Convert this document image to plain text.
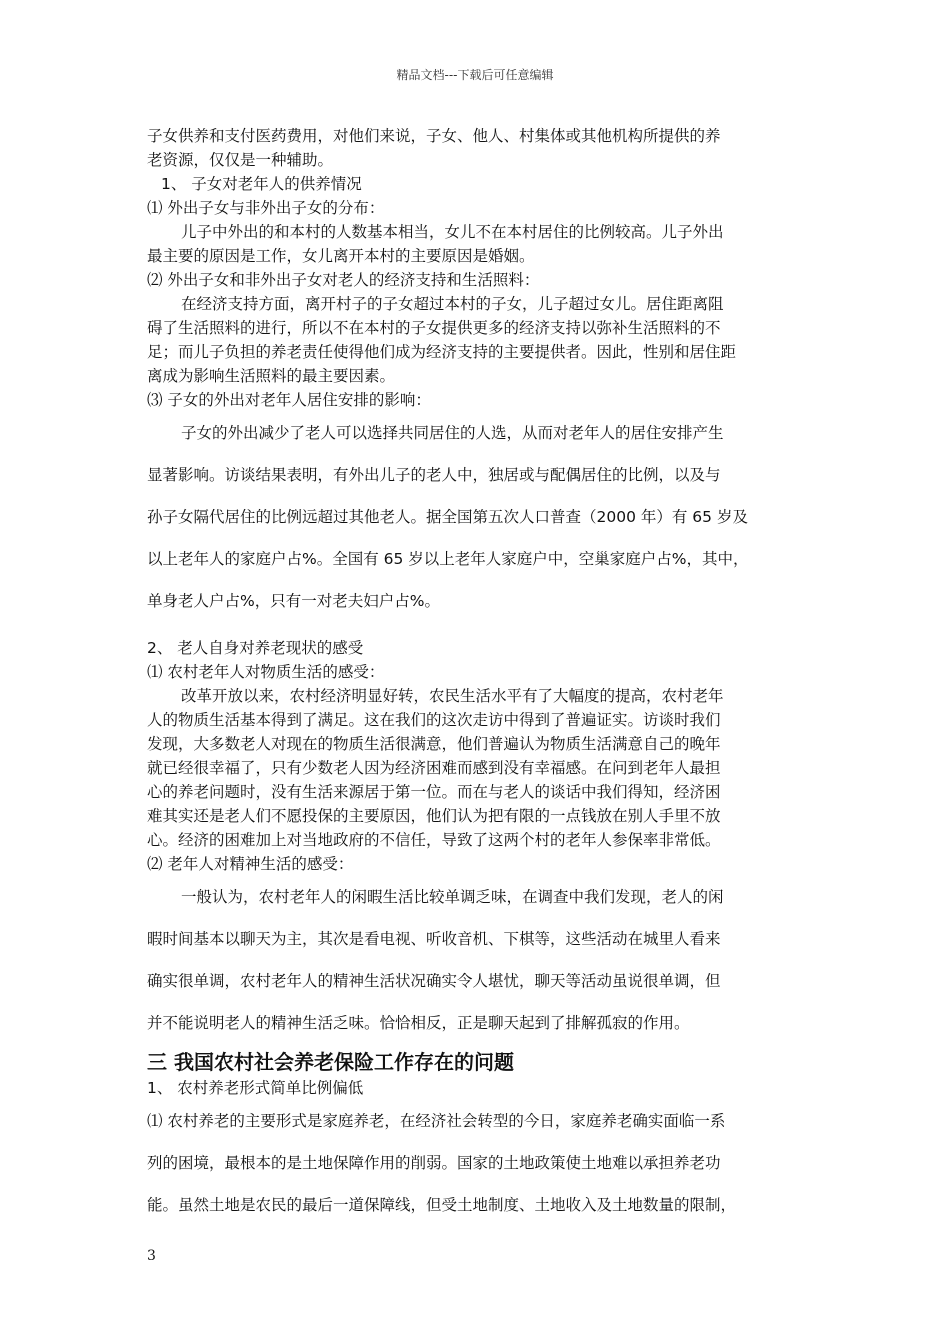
精品文档---下载后可任意编辑

子女供养和支付医药费用，对他们来说，子女、他人、村集体或其他机构所提供的养

老资源，仅仅是一种辅助。

1、 子女对老年人的供养情况

⑴ 外出子女与非外出子女的分布：

儿子中外出的和本村的人数基本相当，女儿不在本村居住的比例较高。儿子外出

最主要的原因是工作，女儿离开本村的主要原因是婚姻。

⑵ 外出子女和非外出子女对老人的经济支持和生活照料：

在经济支持方面，离开村子的子女超过本村的子女，儿子超过女儿。居住距离阻

碍了生活照料的进行，所以不在本村的子女提供更多的经济支持以弥补生活照料的不

足；而儿子负担的养老责任使得他们成为经济支持的主要提供者。因此，性别和居住距

离成为影响生活照料的最主要因素。

⑶ 子女的外出对老年人居住安排的影响：

子女的外出减少了老人可以选择共同居住的人选，从而对老年人的居住安排产生

显著影响。访谈结果表明，有外出儿子的老人中，独居或与配偶居住的比例，以及与

孙子女隔代居住的比例远超过其他老人。据全国第五次人口普查（2000 年）有 65 岁及

以上老年人的家庭户占%。全国有 65 岁以上老年人家庭户中，空巢家庭户占%，其中，

单身老人户占%，只有一对老夫妇户占%。

2、 老人自身对养老现状的感受

⑴ 农村老年人对物质生活的感受：

改革开放以来，农村经济明显好转，农民生活水平有了大幅度的提高，农村老年

人的物质生活基本得到了满足。这在我们的这次走访中得到了普遍证实。访谈时我们

发现，大多数老人对现在的物质生活很满意，他们普遍认为物质生活满意自己的晚年

就已经很幸福了，只有少数老人因为经济困难而感到没有幸福感。在问到老年人最担

心的养老问题时，没有生活来源居于第一位。而在与老人的谈话中我们得知，经济困

难其实还是老人们不愿投保的主要原因，他们认为把有限的一点钱放在别人手里不放

心。经济的困难加上对当地政府的不信任，导致了这两个村的老年人参保率非常低。

⑵ 老年人对精神生活的感受：

一般认为，农村老年人的闲暇生活比较单调乏味，在调查中我们发现，老人的闲

暇时间基本以聊天为主，其次是看电视、听收音机、下棋等，这些活动在城里人看来

确实很单调，农村老年人的精神生活状况确实令人堪忧，聊天等活动虽说很单调，但

并不能说明老人的精神生活乏味。恰恰相反，正是聊天起到了排解孤寂的作用。

三 我国农村社会养老保险工作存在的问题

1、 农村养老形式简单比例偏低

⑴ 农村养老的主要形式是家庭养老，在经济社会转型的今日，家庭养老确实面临一系

列的困境，最根本的是土地保障作用的削弱。国家的土地政策使土地难以承担养老功

能。虽然土地是农民的最后一道保障线，但受土地制度、土地收入及土地数量的限制，

3
